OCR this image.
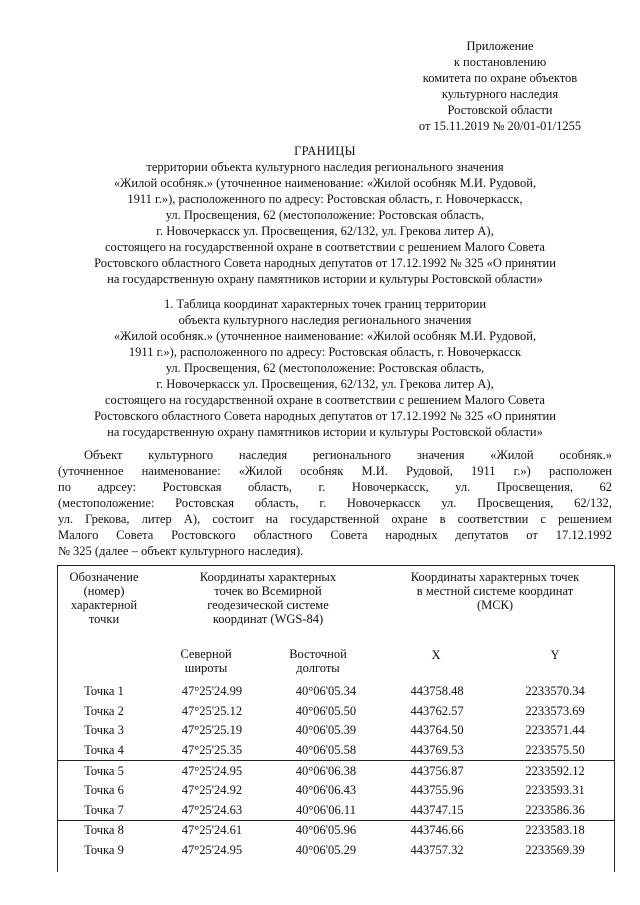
Приложение
к постановлению
комитета по охране объектов
культурного наследия
Ростовской области
от 15.11.2019 № 20/01-01/1255
ГРАНИЦЫ
территории объекта культурного наследия регионального значения
«Жилой особняк.» (уточненное наименование: «Жилой особняк М.И. Рудовой,
1911 г.»), расположенного по адресу: Ростовская область, г. Новочеркасск,
ул. Просвещения, 62 (местоположение: Ростовская область,
г. Новочеркасск ул. Просвещения, 62/132, ул. Грекова литер А),
состоящего на государственной охране в соответствии с решением Малого Совета
Ростовского областного Совета народных депутатов от 17.12.1992 № 325 «О принятии
на государственную охрану памятников истории и культуры Ростовской области»
1. Таблица координат характерных точек границ территории
объекта культурного наследия регионального значения
«Жилой особняк.» (уточненное наименование: «Жилой особняк М.И. Рудовой,
1911 г.»), расположенного по адресу: Ростовская область, г. Новочеркасск
ул. Просвещения, 62 (местоположение: Ростовская область,
г. Новочеркасск ул. Просвещения, 62/132, ул. Грекова литер А),
состоящего на государственной охране в соответствии с решением Малого Совета
Ростовского областного Совета народных депутатов от 17.12.1992 № 325 «О принятии
на государственную охрану памятников истории и культуры Ростовской области»
Объект культурного наследия регионального значения «Жилой особняк.»
(уточненное наименование: «Жилой особняк М.И. Рудовой, 1911 г.») расположен
по адрсеу: Ростовская область, г. Новочеркасск, ул. Просвещения, 62
(местоположение: Ростовская область, г. Новочеркасск ул. Просвещения, 62/132,
ул. Грекова, литер А), состоит на государственной охране в соответствии с решением
Малого Совета Ростовского областного Совета народных депутатов от 17.12.1992
№ 325 (далее – объект культурного наследия).
Обозначение
(номер)
характерной
точки
Координаты характерных
точек во Всемирной
геодезической системе
координат (WGS-84)
Координаты характерных точек
в местной системе координат
(МСК)
Северной
широты
Восточной
долготы
X	Y
Точка 1	47°25'24.99	40°06'05.34	443758.48	2233570.34
Точка 2	47°25'25.12	40°06'05.50	443762.57	2233573.69
Точка 3	47°25'25.19	40°06'05.39	443764.50	2233571.44
Точка 4	47°25'25.35	40°06'05.58	443769.53	2233575.50
Точка 5	47°25'24.95	40°06'06.38	443756.87	2233592.12
Точка 6	47°25'24.92	40°06'06.43	443755.96	2233593.31
Точка 7	47°25'24.63	40°06'06.11	443747.15	2233586.36
Точка 8	47°25'24.61	40°06'05.96	443746.66	2233583.18
Точка 9	47°25'24.95	40°06'05.29	443757.32	2233569.39
